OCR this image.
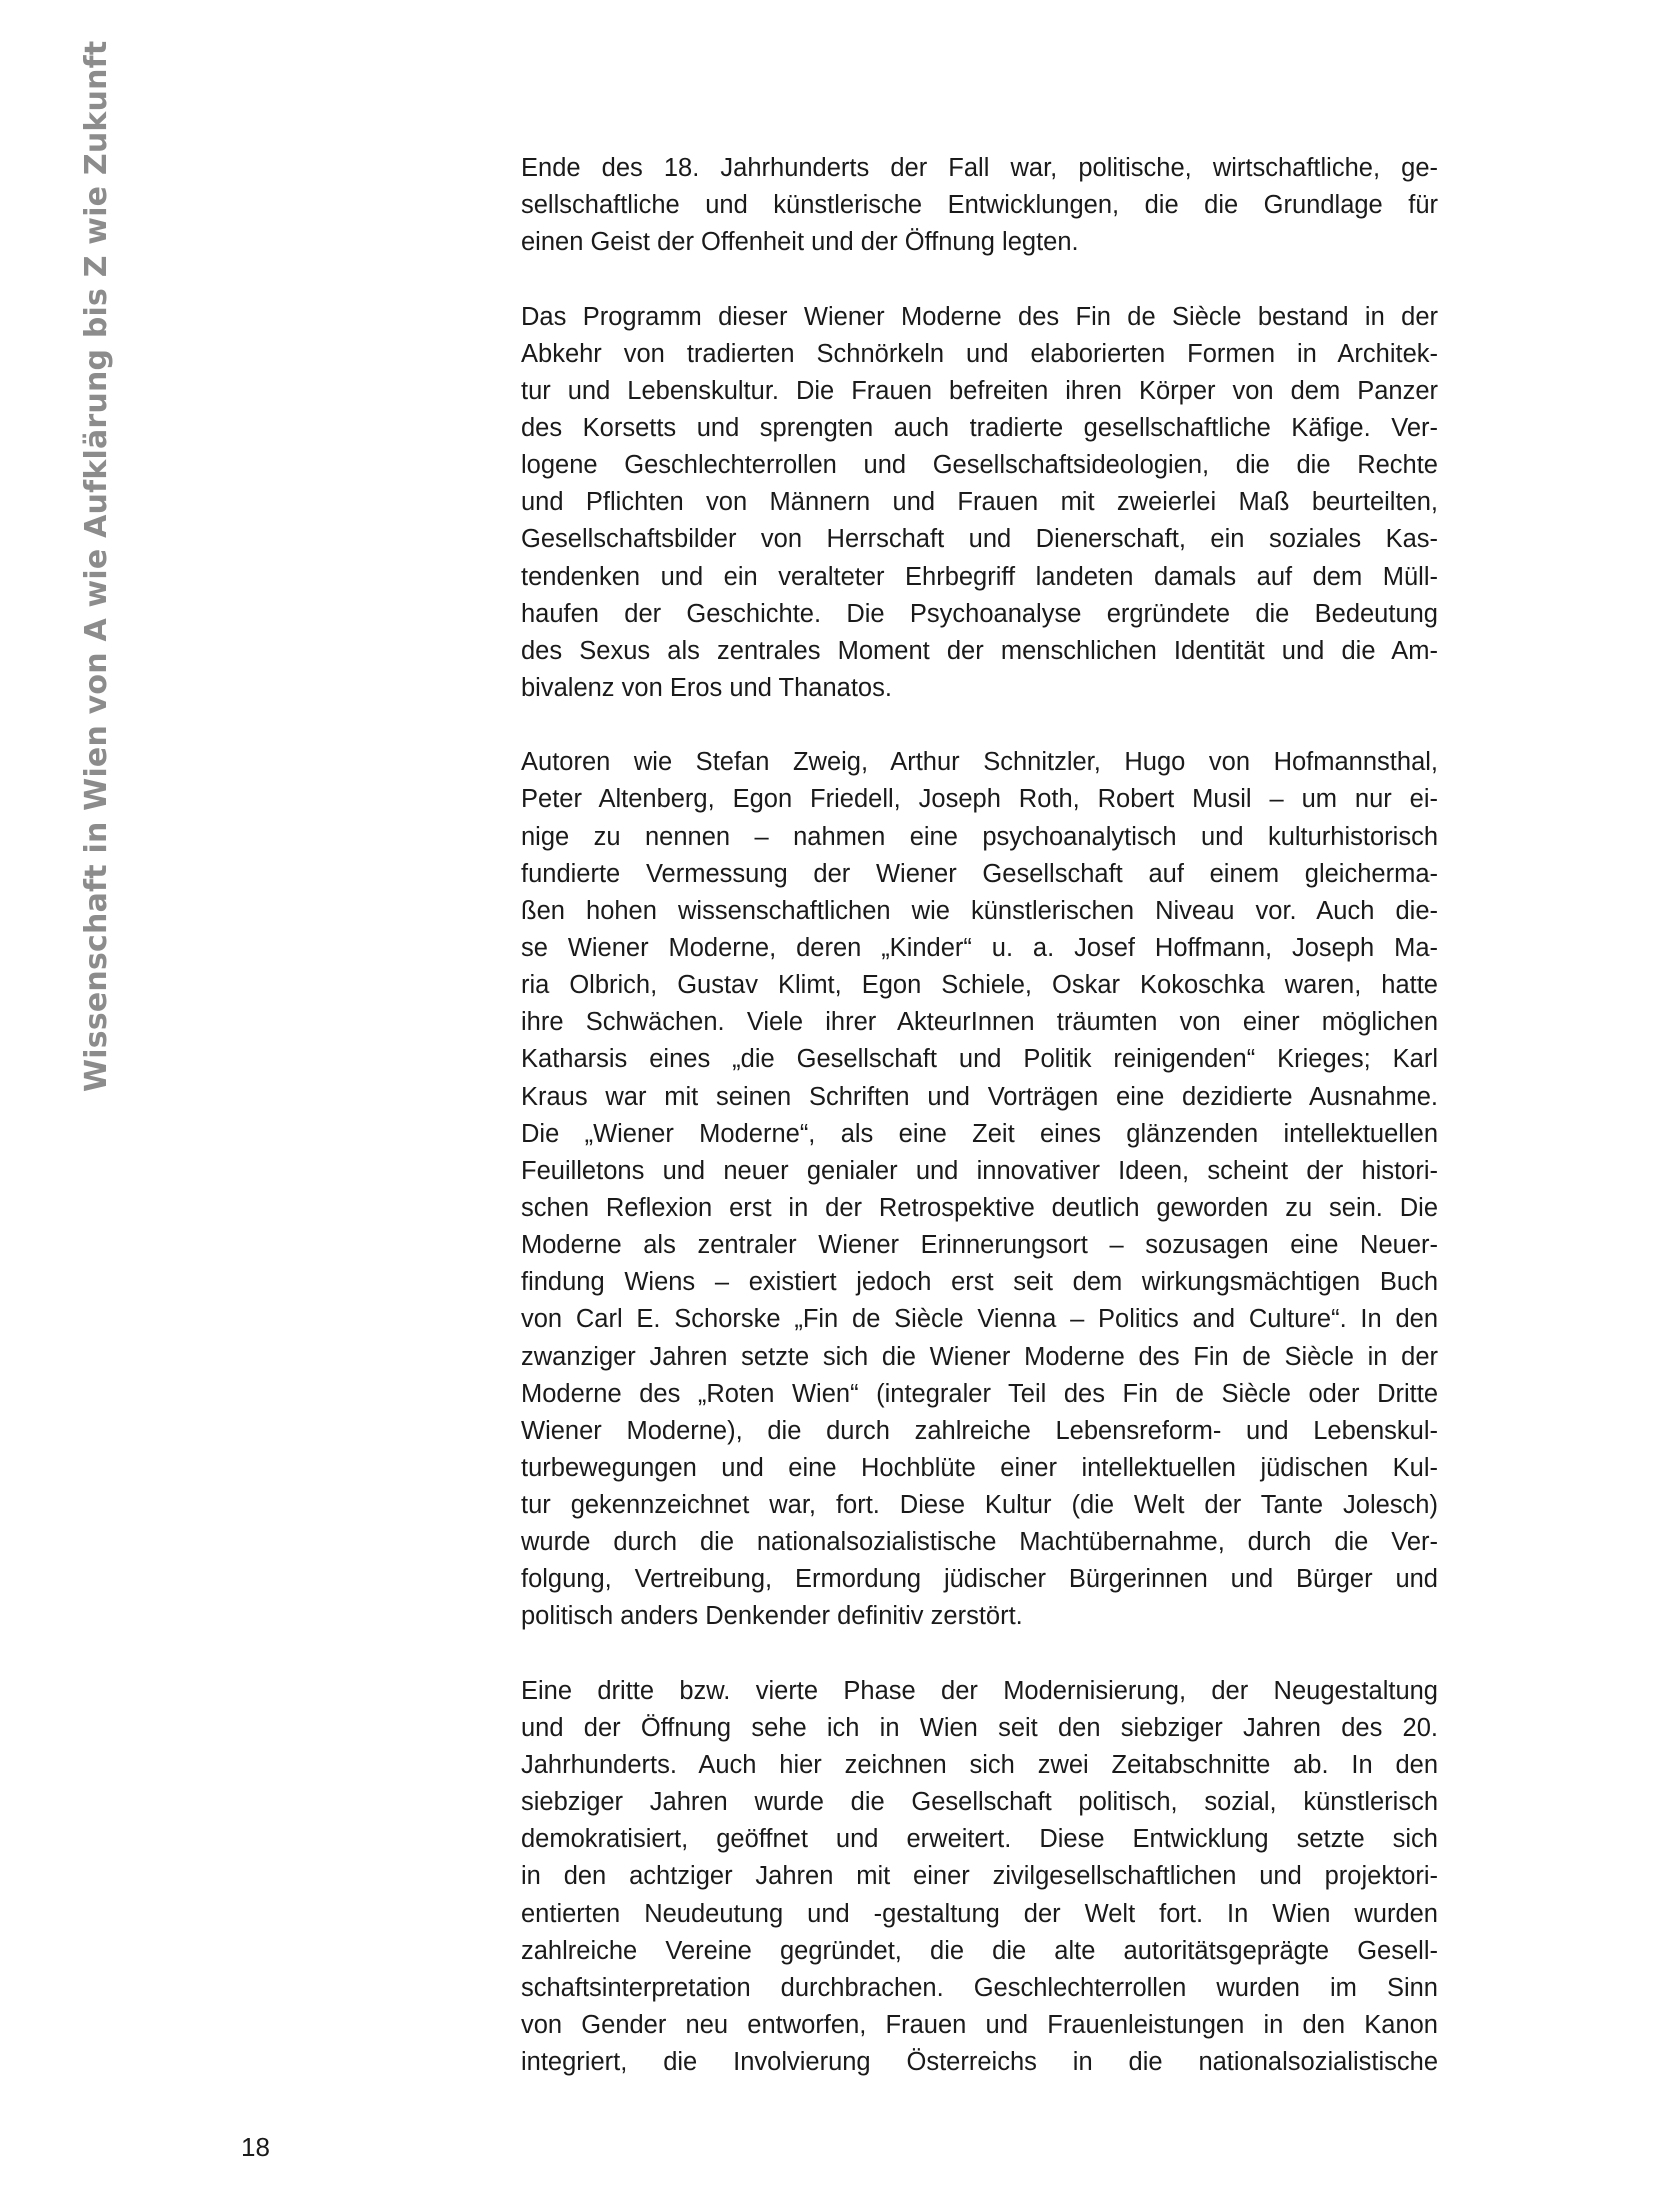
Wissenschaft in Wien von A wie Aufklärung bis Z wie Zukunft	Ende des 18. Jahrhunderts der Fall war, politische, wirtschaftliche, ge-
sellschaftliche und künstlerische Entwicklungen, die die Grundlage für
einen Geist der Offenheit und der Öffnung legten.
Das Programm dieser Wiener Moderne des Fin de Siècle bestand in der
Abkehr von tradierten Schnörkeln und elaborierten Formen in Architek-
tur und Lebenskultur. Die Frauen befreiten ihren Körper von dem Panzer
des Korsetts und sprengten auch tradierte gesellschaftliche Käfige. Ver-
logene Geschlechterrollen und Gesellschaftsideologien, die die Rechte
und Pflichten von Männern und Frauen mit zweierlei Maß beurteilten,
Gesellschaftsbilder von Herrschaft und Dienerschaft, ein soziales Kas-
tendenken und ein veralteter Ehrbegriff landeten damals auf dem Müll-
haufen der Geschichte. Die Psychoanalyse ergründete die Bedeutung
des Sexus als zentrales Moment der menschlichen Identität und die Am-
bivalenz von Eros und Thanatos.
Autoren wie Stefan Zweig, Arthur Schnitzler, Hugo von Hofmannsthal,
Peter Altenberg, Egon Friedell, Joseph Roth, Robert Musil – um nur ei-
nige zu nennen – nahmen eine psychoanalytisch und kulturhistorisch
fundierte Vermessung der Wiener Gesellschaft auf einem gleicherma-
ßen hohen wissenschaftlichen wie künstlerischen Niveau vor. Auch die-
se Wiener Moderne, deren „Kinder“ u. a. Josef Hoffmann, Joseph Ma-
ria Olbrich, Gustav Klimt, Egon Schiele, Oskar Kokoschka waren, hatte
ihre Schwächen. Viele ihrer AkteurInnen träumten von einer möglichen
Katharsis eines „die Gesellschaft und Politik reinigenden“ Krieges; Karl
Kraus war mit seinen Schriften und Vorträgen eine dezidierte Ausnahme.
Die „Wiener Moderne“, als eine Zeit eines glänzenden intellektuellen
Feuilletons und neuer genialer und innovativer Ideen, scheint der histori-
schen Reflexion erst in der Retrospektive deutlich geworden zu sein. Die
Moderne als zentraler Wiener Erinnerungsort – sozusagen eine Neuer-
findung Wiens – existiert jedoch erst seit dem wirkungsmächtigen Buch
von Carl E. Schorske „Fin de Siècle Vienna – Politics and Culture“. In den
zwanziger Jahren setzte sich die Wiener Moderne des Fin de Siècle in der
Moderne des „Roten Wien“ (integraler Teil des Fin de Siècle oder Dritte
Wiener Moderne), die durch zahlreiche Lebensreform- und Lebenskul-
turbewegungen und eine Hochblüte einer intellektuellen jüdischen Kul-
tur gekennzeichnet war, fort. Diese Kultur (die Welt der Tante Jolesch)
wurde durch die nationalsozialistische Machtübernahme, durch die Ver-
folgung, Vertreibung, Ermordung jüdischer Bürgerinnen und Bürger und
politisch anders Denkender definitiv zerstört.
Eine dritte bzw. vierte Phase der Modernisierung, der Neugestaltung
und der Öffnung sehe ich in Wien seit den siebziger Jahren des 20.
Jahrhunderts. Auch hier zeichnen sich zwei Zeitabschnitte ab. In den
siebziger Jahren wurde die Gesellschaft politisch, sozial, künstlerisch
demokratisiert, geöffnet und erweitert. Diese Entwicklung setzte sich
in den achtziger Jahren mit einer zivilgesellschaftlichen und projektori-
entierten Neudeutung und -gestaltung der Welt fort. In Wien wurden
zahlreiche Vereine gegründet, die die alte autoritätsgeprägte Gesell-
schaftsinterpretation durchbrachen. Geschlechterrollen wurden im Sinn
von Gender neu entworfen, Frauen und Frauenleistungen in den Kanon
integriert, die Involvierung Österreichs in die nationalsozialistische
18
